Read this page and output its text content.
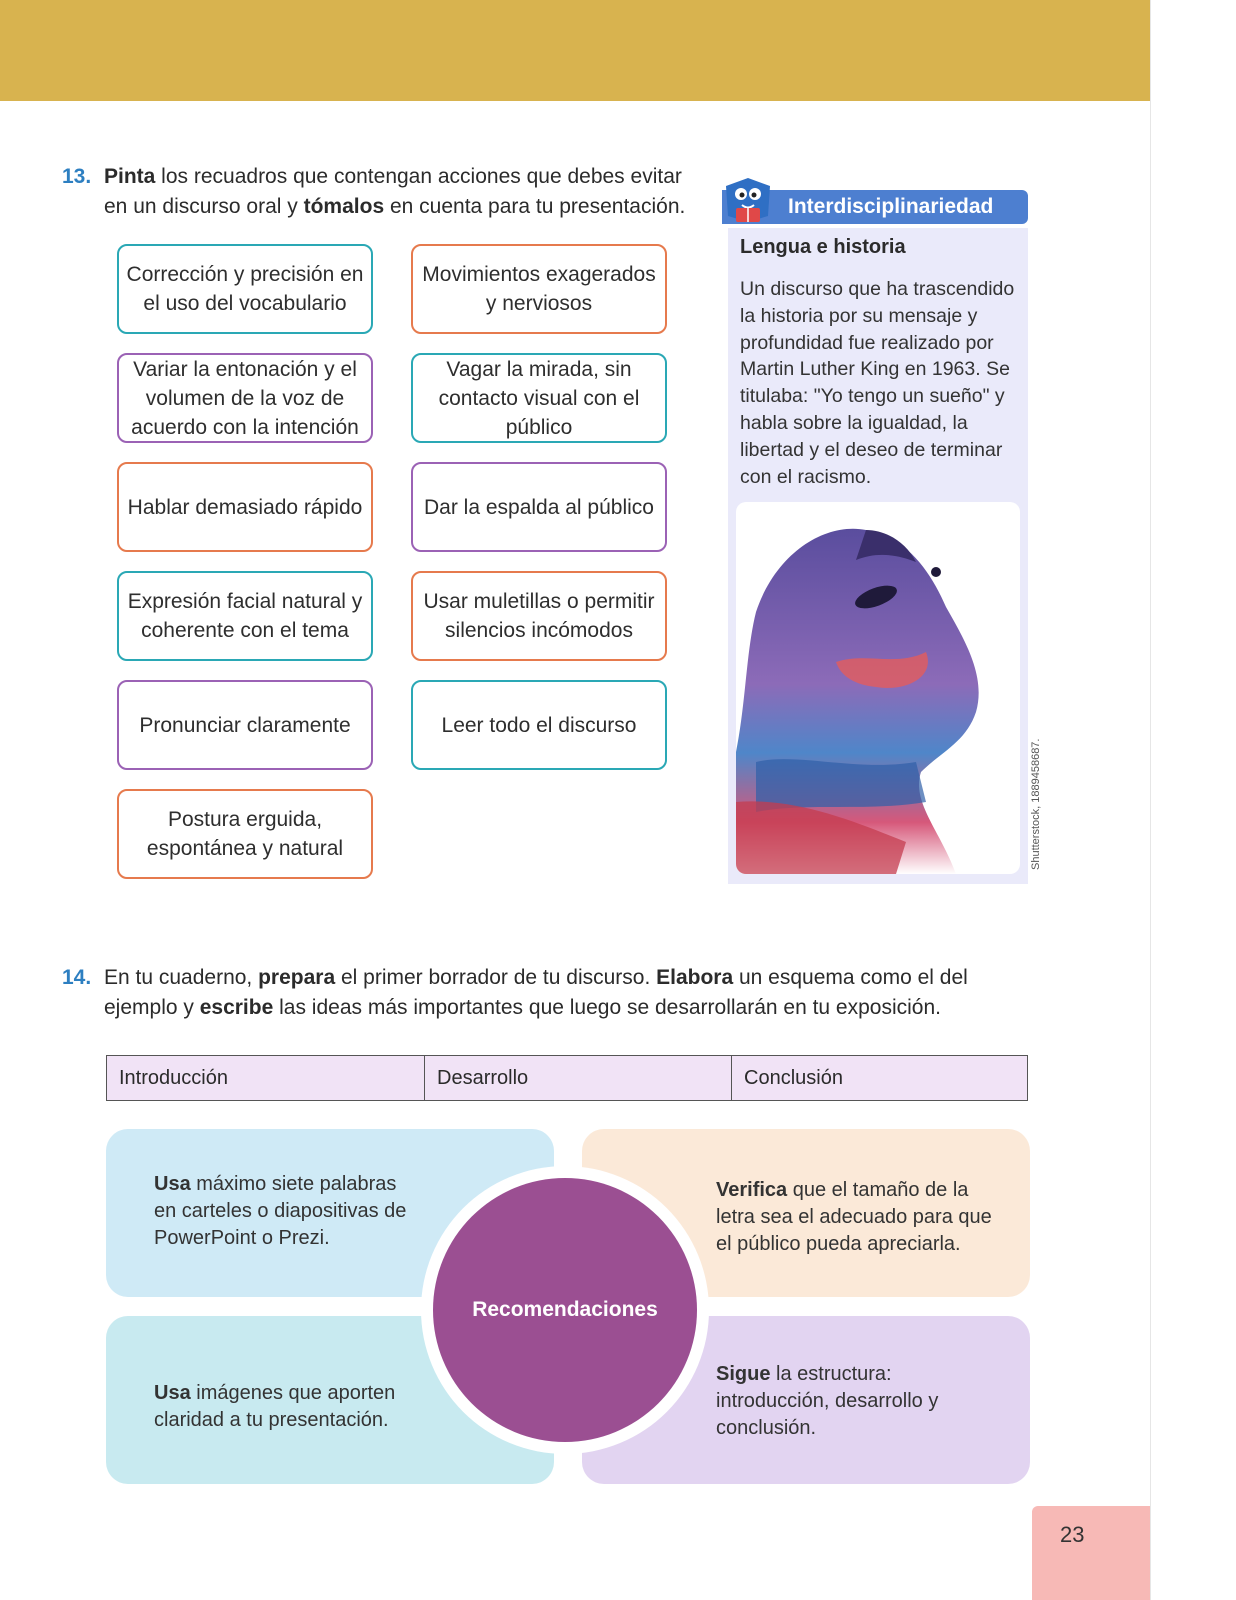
13. Pinta los recuadros que contengan acciones que debes evitar en un discurso oral y tómalos en cuenta para tu presentación.
Corrección y precisión en el uso del vocabulario
Movimientos exagerados y nerviosos
Variar la entonación y el volumen de la voz de acuerdo con la intención
Vagar la mirada, sin contacto visual con el público
Hablar demasiado rápido	Dar la espalda al público
Expresión facial natural y coherente con el tema
Usar muletillas o permitir silencios incómodos
Pronunciar claramente	Leer todo el discurso
Postura erguida, espontánea y natural
Interdisciplinariedad
Lengua e historia
Un discurso que ha trascendido la historia por su mensaje y profundidad fue realizado por Martin Luther King en 1963. Se titulaba: "Yo tengo un sueño" y habla sobre la igualdad, la libertad y el deseo de terminar con el racismo.
Shutterstock, 1889458687.
14. En tu cuaderno, prepara el primer borrador de tu discurso. Elabora un esquema como el del ejemplo y escribe las ideas más importantes que luego se desarrollarán en tu exposición.
Introducción	Desarrollo	Conclusión
Usa máximo siete palabras en carteles o diapositivas de PowerPoint o Prezi.
Usa imágenes que aporten claridad a tu presentación.
Verifica que el tamaño de la letra sea el adecuado para que el público pueda apreciarla.
Sigue la estructura: introducción, desarrollo y conclusión.
Recomendaciones
23
